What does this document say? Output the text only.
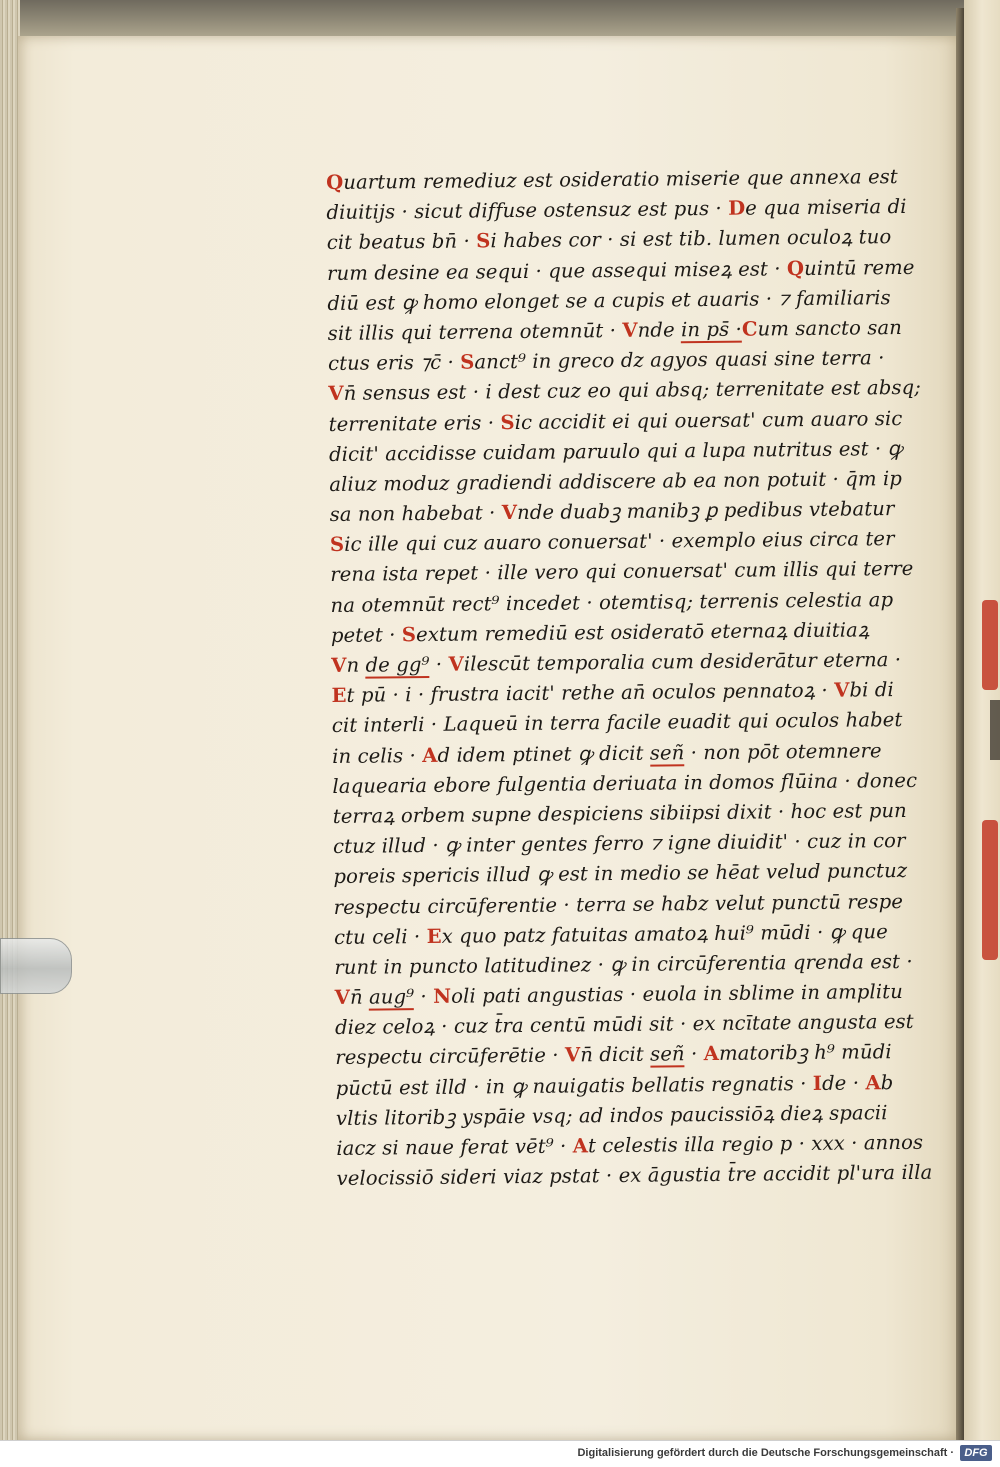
Quartum remediuz est osideratio miserie que annexa est
diuitijs · sicut diffuse ostensuz est pus · De qua miseria di
cit beatus bn̄ · Si habes cor · si est tib. lumen oculoꝝ tuo
rum desine ea sequi · que assequi miseꝝ est · Quintū reme
diū est ꝙ homo elonget se a cupis et auaris · ⁊ familiaris
sit illis qui terrena otemnūt · Vnde in ps̄ ·Cum sancto san
ctus eris ⁊c̄ · Sanct⁹ in greco dz agyos quasi sine terra ·
Vn̄ sensus est · i dest cuz eo qui absq; terrenitate est absq;
terrenitate eris · Sic accidit ei qui ouersat' cum auaro sic
dicit' accidisse cuidam paruulo qui a lupa nutritus est · ꝙ
aliuz moduz gradiendi addiscere ab ea non potuit · q̄m ip
sa non habebat · Vnde duabꝫ manibꝫ ꝑ pedibus vtebatur
Sic ille qui cuz auaro conuersat' · exemplo eius circa ter
rena ista repet · ille vero qui conuersat' cum illis qui terre
na otemnūt rect⁹ incedet · otemtisq; terrenis celestia ap
petet · Sextum remediū est osideratō eternaꝝ diuitiaꝝ
Vn de gg⁹ · Vilescūt temporalia cum desiderātur eterna ·
Et pū · i · frustra iacit' rethe an̄ oculos pennatoꝝ · Vbi di
cit interli · Laqueū in terra facile euadit qui oculos habet
in celis · Ad idem ptinet ꝙ dicit señ · non pōt otemnere
laquearia ebore fulgentia deriuata in domos flūina · donec
terraꝝ orbem supne despiciens sibiipsi dixit · hoc est pun
ctuz illud · ꝙ inter gentes ferro ⁊ igne diuidit' · cuz in cor
poreis spericis illud ꝙ est in medio se hēat velud punctuz
respectu circūferentie · terra se habz velut punctū respe
ctu celi · Ex quo patz fatuitas amatoꝝ hui⁹ mūdi · ꝙ que
runt in puncto latitudinez · ꝙ in circūferentia qrenda est ·
Vn̄ aug⁹ · Noli pati angustias · euola in sblime in amplitu
diez celoꝝ · cuz t̄ra centū mūdi sit · ex ncītate angusta est
respectu circūferētie · Vn̄ dicit señ · Amatoribꝫ h⁹ mūdi
pūctū est illd · in ꝙ nauigatis bellatis regnatis · Ide · Ab
vltis litoribꝫ yspāie vsq; ad indos paucissiōꝝ dieꝝ spacii
iacz si naue ferat vēt⁹ · At celestis illa regio p · xxx · annos
velocissiō sideri viaz pstat · ex āgustia t̄re accidit pl'ura illa
Digitalisierung gefördert durch die Deutsche Forschungsgemeinschaft · DFG
